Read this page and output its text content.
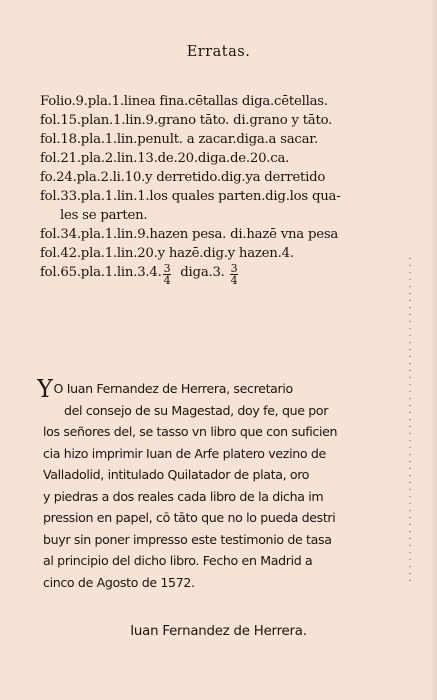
Erratas.
Folio.9.pla.1.linea fina.cētallas diga.cētellas.
fol.15.plan.1.lin.9.grano tāto. di.grano y tāto.
fol.18.pla.1.lin.penult. a zacar.diga.a sacar.
fol.21.pla.2.lin.13.de.20.diga.de.20.ca.
fo.24.pla.2.li.10.y derretido.dig.ya derretido
fol.33.pla.1.lin.1.los quales parten.dig.los qua-
les se parten.
fol.34.pla.1.lin.9.hazen pesa. di.hazē vna pesa
fol.42.pla.1.lin.20.y hazē.dig.y hazen.4.
fol.65.pla.1.lin.3.4. $\frac{3}{4}$ diga.3. $\frac{3}{4}$
YO Iuan Fernandez de Herrera, secretario
del consejo de su Magestad, doy fe, que por
los señores del, se tasso vn libro que con suficien
cia hizo imprimir Iuan de Arfe platero vezino de
Valladolid, intitulado Quilatador de plata, oro
y piedras a dos reales cada libro de la dicha im
pression en papel, cō tāto que no lo pueda destri
buyr sin poner impresso este testimonio de tasa
al principio del dicho libro. Fecho en Madrid a
cinco de Agosto de 1572.
Iuan Fernandez de Herrera.
